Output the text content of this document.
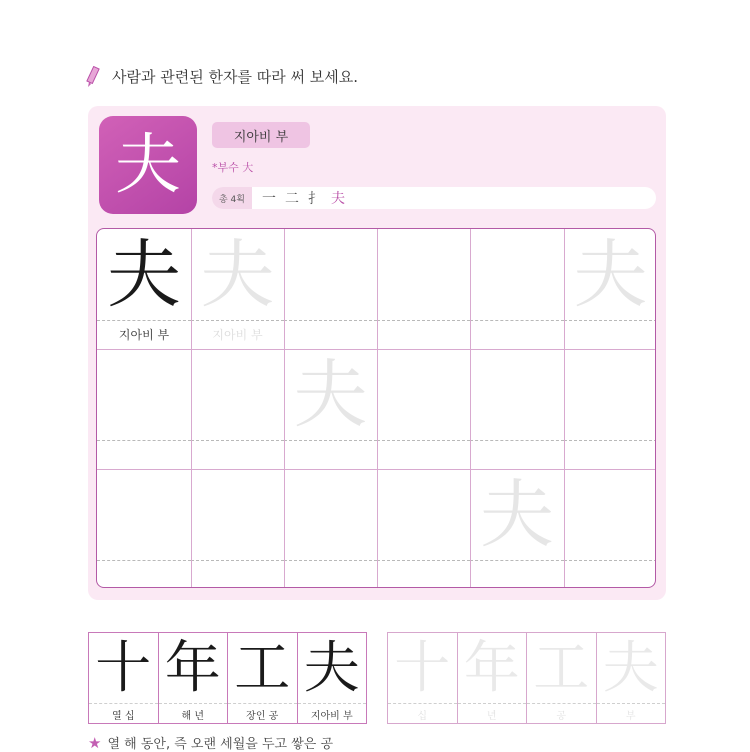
사람과 관련된 한자를 따라 써 보세요.
夫	지아비 부
*부수 大
총 4획	一 二 扌 夫
夫
지아비 부
夫
지아비 부
夫
夫
夫
十
열 십
年
해 년
工
장인 공
夫
지아비 부
十
십
年
년
工
공
夫
부
★ 열 해 동안, 즉 오랜 세월을 두고 쌓은 공
